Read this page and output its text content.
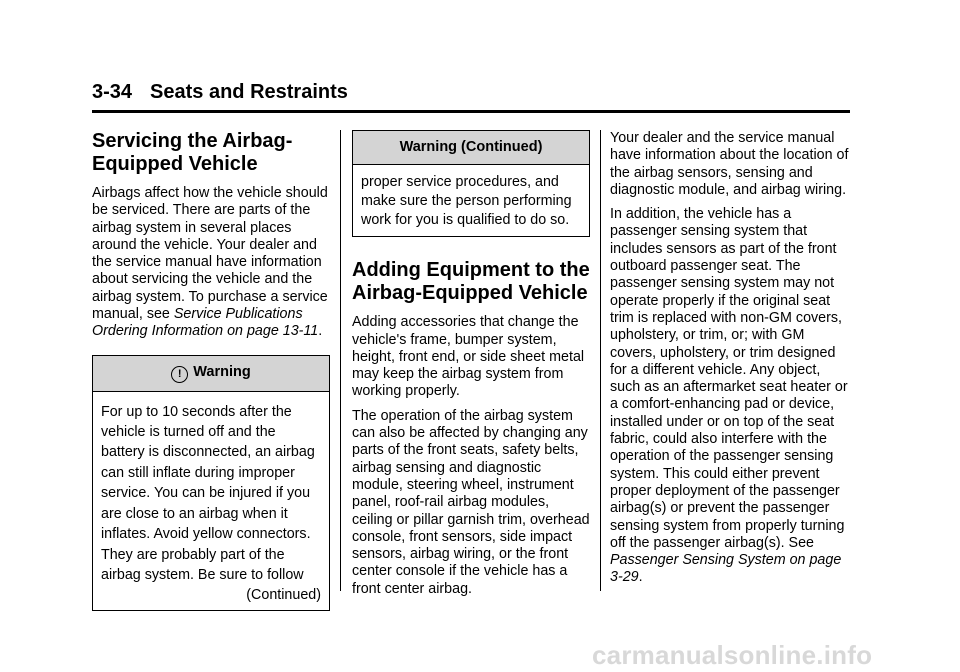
3-34 Seats and Restraints
Servicing the Airbag-Equipped Vehicle

Airbags affect how the vehicle should be serviced. There are parts of the airbag system in several places around the vehicle. Your dealer and the service manual have information about servicing the vehicle and the airbag system. To purchase a service manual, see Service Publications Ordering Information on page 13-11.

! Warning
For up to 10 seconds after the vehicle is turned off and the battery is disconnected, an airbag can still inflate during improper service. You can be injured if you are close to an airbag when it inflates. Avoid yellow connectors. They are probably part of the airbag system. Be sure to follow
(Continued)
Warning (Continued)
proper service procedures, and make sure the person performing work for you is qualified to do so.
Adding Equipment to the Airbag-Equipped Vehicle

Adding accessories that change the vehicle's frame, bumper system, height, front end, or side sheet metal may keep the airbag system from working properly.

The operation of the airbag system can also be affected by changing any parts of the front seats, safety belts, airbag sensing and diagnostic module, steering wheel, instrument panel, roof-rail airbag modules, ceiling or pillar garnish trim, overhead console, front sensors, side impact sensors, airbag wiring, or the front center console if the vehicle has a front center airbag.

Your dealer and the service manual have information about the location of the airbag sensors, sensing and diagnostic module, and airbag wiring.

In addition, the vehicle has a passenger sensing system that includes sensors as part of the front outboard passenger seat. The passenger sensing system may not operate properly if the original seat trim is replaced with non-GM covers, upholstery, or trim, or; with GM covers, upholstery, or trim designed for a different vehicle. Any object, such as an aftermarket seat heater or a comfort-enhancing pad or device, installed under or on top of the seat fabric, could also interfere with the operation of the passenger sensing system. This could either prevent proper deployment of the passenger airbag(s) or prevent the passenger sensing system from properly turning off the passenger airbag(s). See Passenger Sensing System on page 3-29.

carmanualsonline.info
